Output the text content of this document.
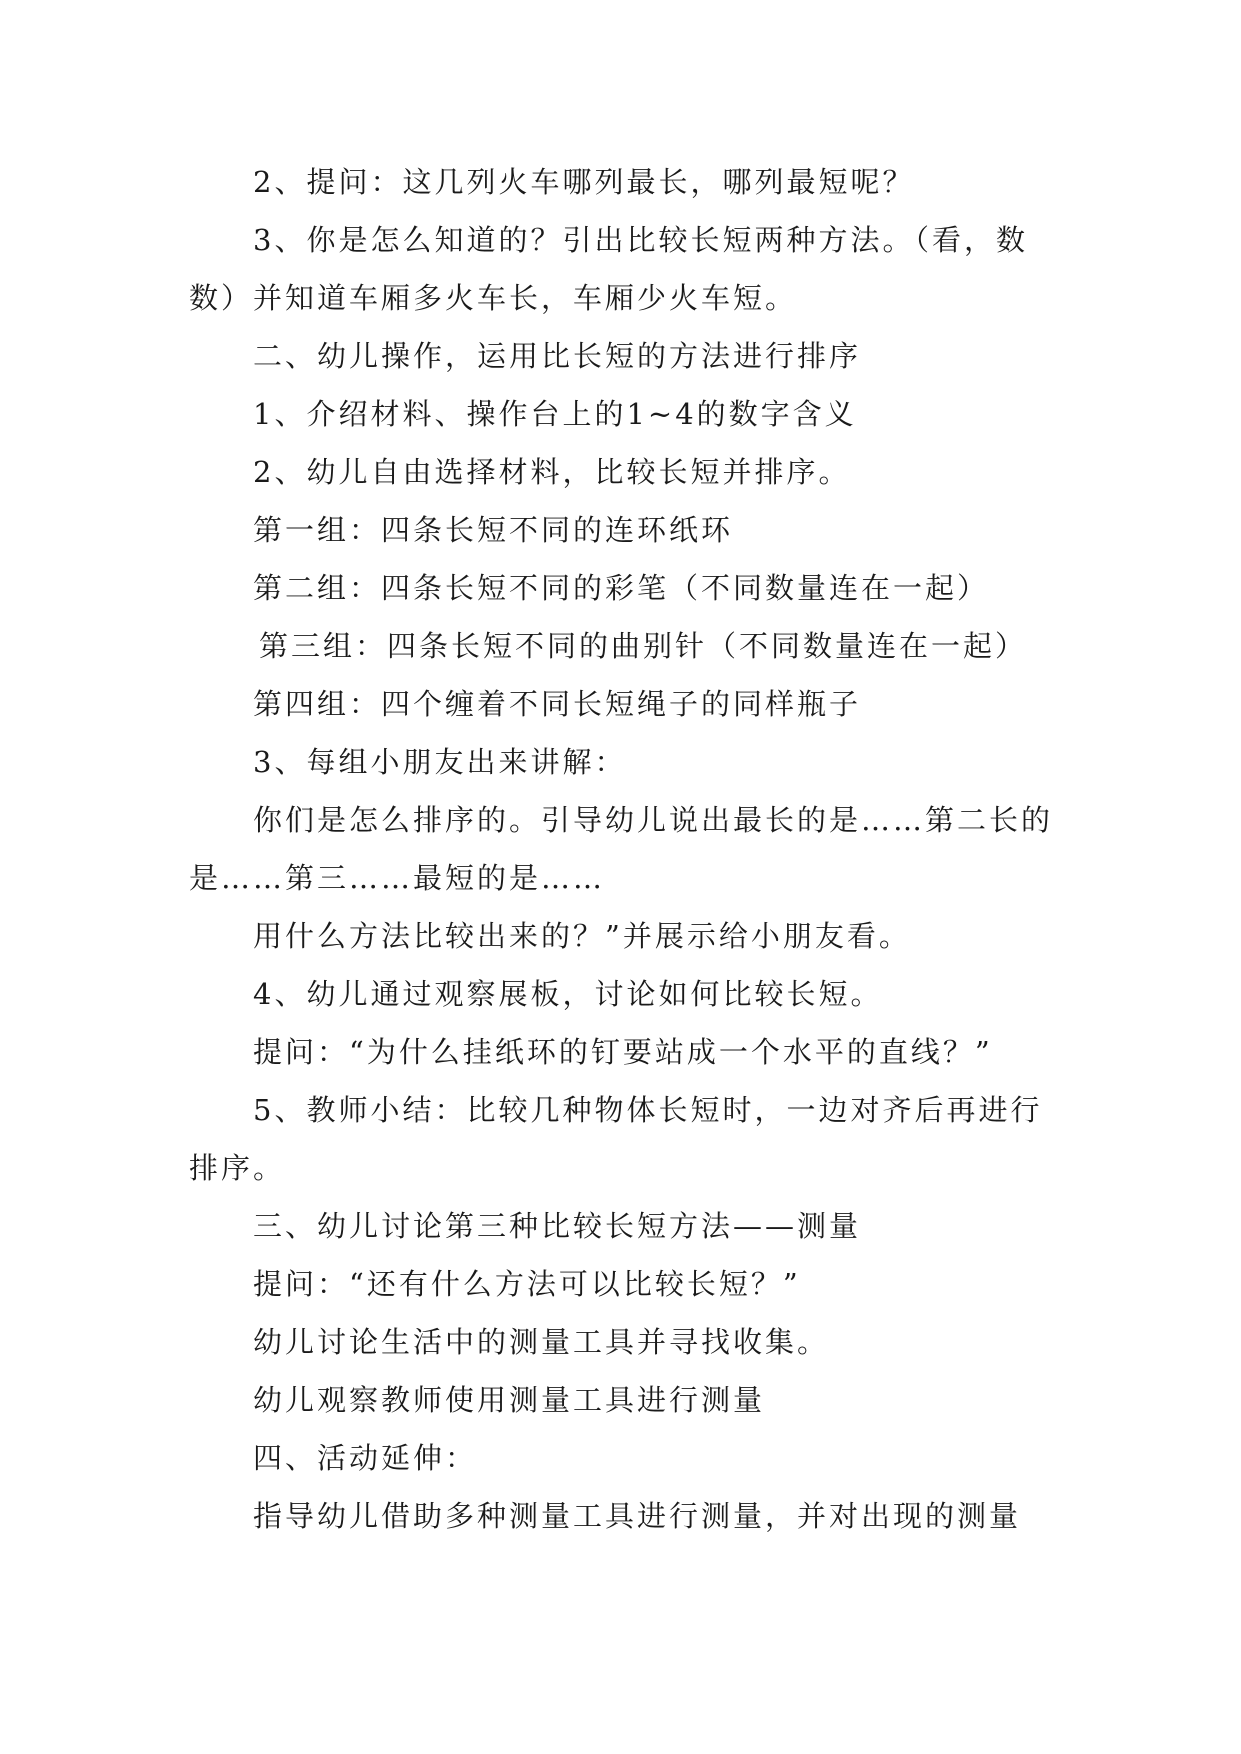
2、提问：这几列火车哪列最长，哪列最短呢？

3、你是怎么知道的？引出比较长短两种方法。（看，数数）并知道车厢多火车长，车厢少火车短。

二、幼儿操作，运用比长短的方法进行排序

1、介绍材料、操作台上的1~4的数字含义

2、幼儿自由选择材料，比较长短并排序。

第一组：四条长短不同的连环纸环

第二组：四条长短不同的彩笔（不同数量连在一起）

第三组：四条长短不同的曲别针（不同数量连在一起）

第四组：四个缠着不同长短绳子的同样瓶子

3、每组小朋友出来讲解：

你们是怎么排序的。引导幼儿说出最长的是……第二长的是……第三……最短的是……

用什么方法比较出来的？”并展示给小朋友看。

4、幼儿通过观察展板，讨论如何比较长短。

提问：“为什么挂纸环的钉要站成一个水平的直线？”

5、教师小结：比较几种物体长短时，一边对齐后再进行排序。

三、幼儿讨论第三种比较长短方法——测量

提问：“还有什么方法可以比较长短？”

幼儿讨论生活中的测量工具并寻找收集。

幼儿观察教师使用测量工具进行测量

四、活动延伸：

指导幼儿借助多种测量工具进行测量，并对出现的测量
